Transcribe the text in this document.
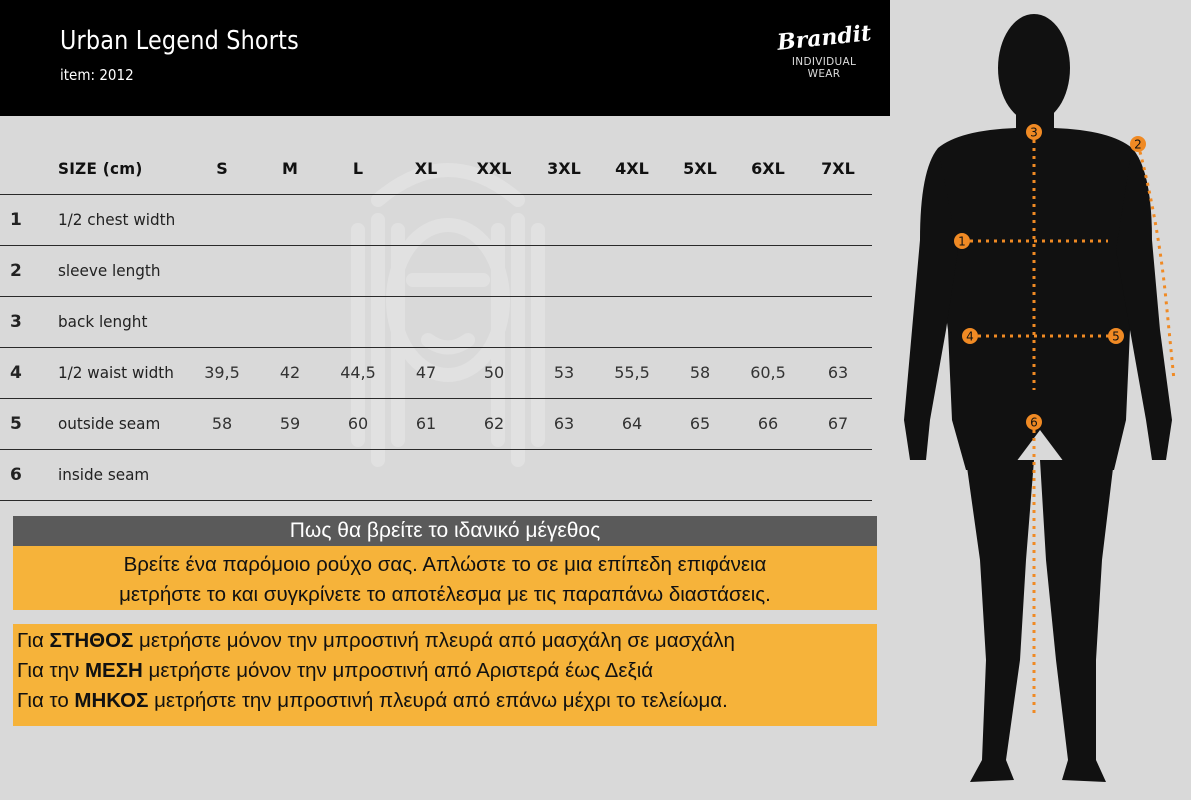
Urban Legend Shorts
item: 2012
Brandit
INDIVIDUAL WEAR
SIZE (cm)	S	M	L	XL	XXL	3XL	4XL	5XL	6XL	7XL
1 1/2 chest width
2 sleeve length
3 back lenght
4 1/2 waist width	39,5	42	44,5	47	50	53	55,5	58	60,5	63
5 outside seam	58	59	60	61	62	63	64	65	66	67
6 inside seam
Πως θα βρείτε το ιδανικό μέγεθος
Βρείτε ένα παρόμοιο ρούχο σας. Απλώστε το σε μια επίπεδη επιφάνεια
μετρήστε το και συγκρίνετε το αποτέλεσμα με τις παραπάνω διαστάσεις.
Για ΣΤΗΘΟΣ μετρήστε μόνον την μπροστινή πλευρά από μασχάλη σε μασχάλη
Για την ΜΕΣΗ μετρήστε μόνον την μπροστινή από Αριστερά έως Δεξιά
Για το ΜΗΚΟΣ μετρήστε την μπροστινή πλευρά από επάνω μέχρι το τελείωμα.
1
2
3
4	5
6
